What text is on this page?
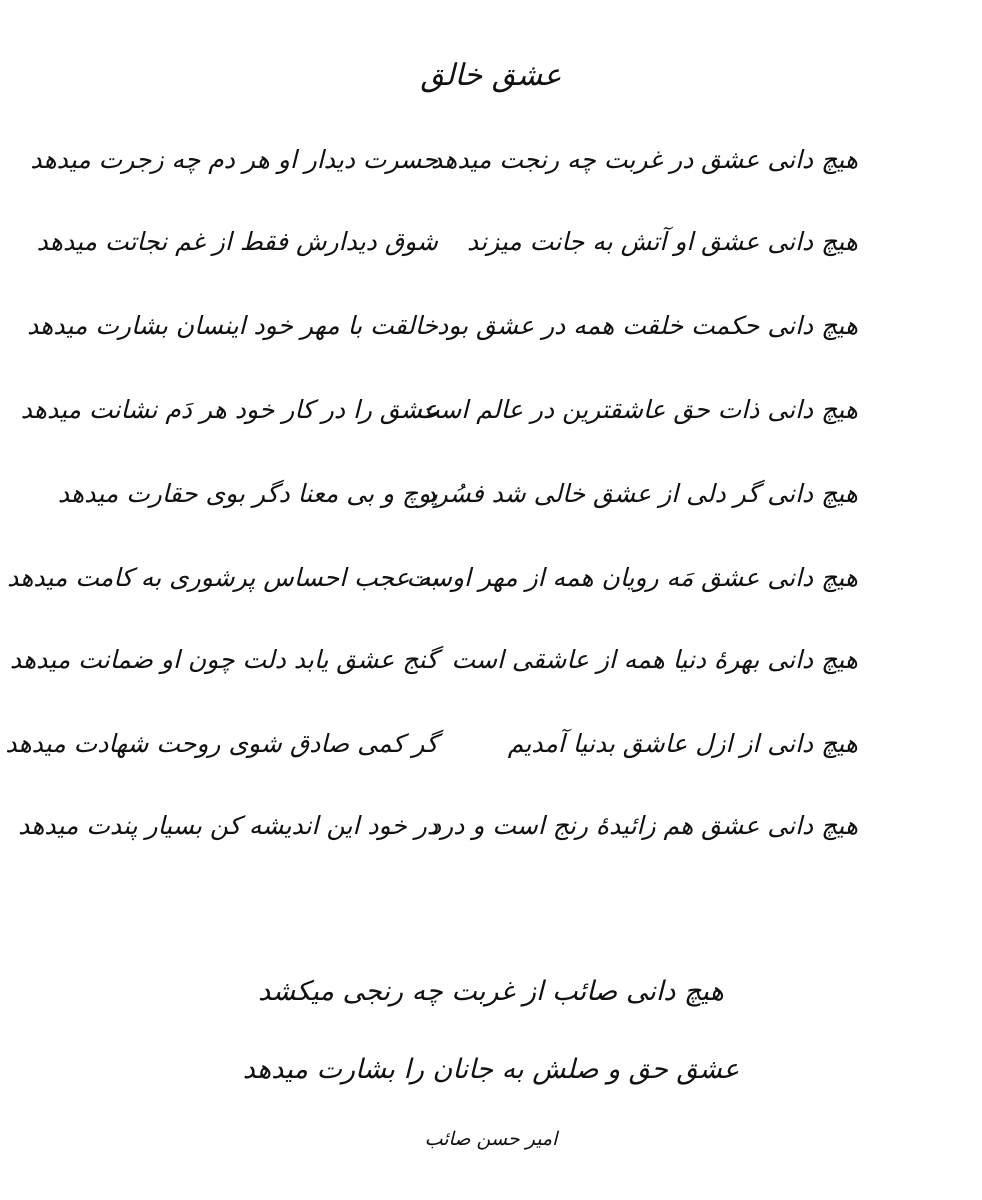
عشق خالق
هیچ دانی عشق در غربت چه رنجت میدهد
حسرت دیدار او هر دم چه زجرت میدهد
هیچ دانی عشق او آتش به جانت میزند
شوق دیدارش فقط از غم نجاتت میدهد
هیچ دانی حکمت خلقت همه در عشق بود
خالقت با مهر خود اینسان بشارت میدهد
هیچ دانی ذات حق عاشقترین در عالم است
عشق را در کار خود هر دَم نشانت میدهد
هیچ دانی گر دلی از عشق خالی شد فسُرد
پوچ و بی معنا دگر بوی حقارت میدهد
هیچ دانی عشق مَه رویان همه از مهر اوست
به عجب احساس پرشوری به کامت میدهد
هیچ دانی بهرهٔ دنیا همه از عاشقی است
گنج عشق یابد دلت چون او ضمانت میدهد
هیچ دانی از ازل عاشق بدنیا آمدیم
گر کمی صادق شوی روحت شهادت میدهد
هیچ دانی عشق هم زائیدهٔ رنج است و درد
در خود این اندیشه کن بسیار پندت میدهد
هیچ دانی صائب از غربت چه رنجی میکشد
عشق حق و صلش به جانان را بشارت میدهد
امیر حسن صائب
